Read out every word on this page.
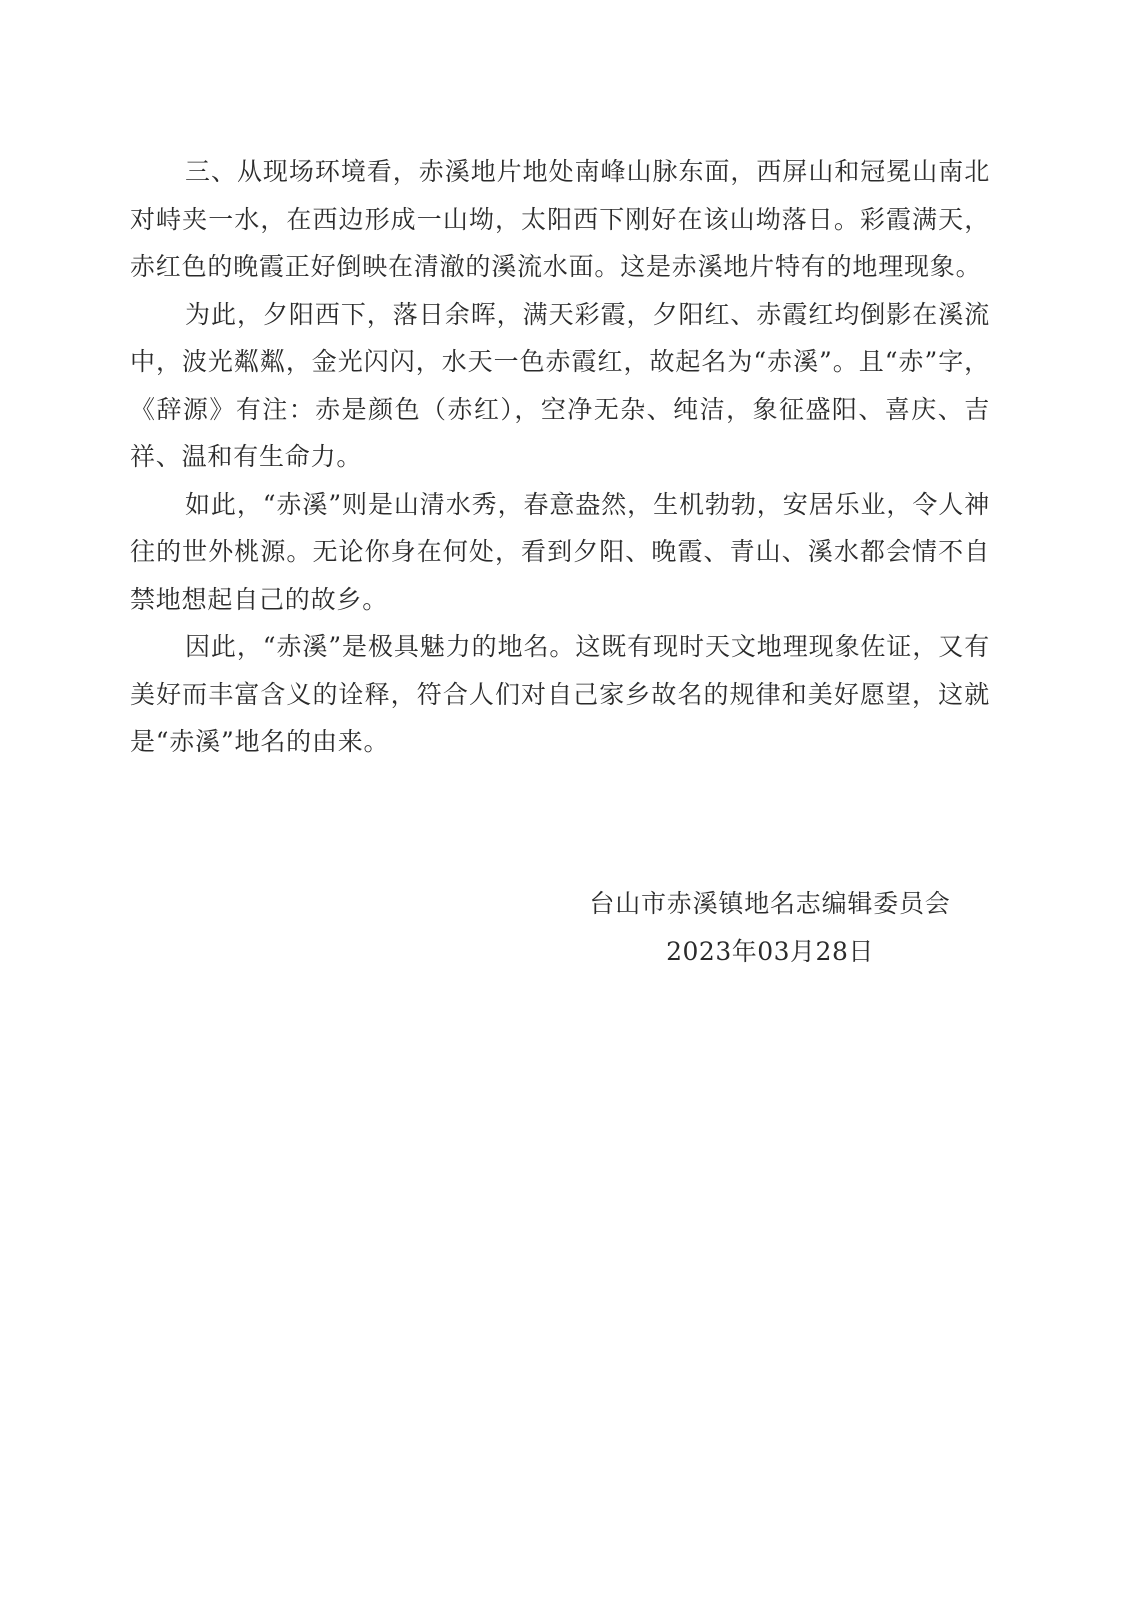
三、从现场环境看，赤溪地片地处南峰山脉东面，西屏山和冠冕山南北对峙夹一水，在西边形成一山坳，太阳西下刚好在该山坳落日。彩霞满天，赤红色的晚霞正好倒映在清澈的溪流水面。这是赤溪地片特有的地理现象。

为此，夕阳西下，落日余晖，满天彩霞，夕阳红、赤霞红均倒影在溪流中，波光粼粼，金光闪闪，水天一色赤霞红，故起名为“赤溪”。且“赤”字，《辞源》有注：赤是颜色（赤红），空净无杂、纯洁，象征盛阳、喜庆、吉祥、温和有生命力。

如此，“赤溪”则是山清水秀，春意盎然，生机勃勃，安居乐业，令人神往的世外桃源。无论你身在何处，看到夕阳、晚霞、青山、溪水都会情不自禁地想起自己的故乡。

因此，“赤溪”是极具魅力的地名。这既有现时天文地理现象佐证，又有美好而丰富含义的诠释，符合人们对自己家乡故名的规律和美好愿望，这就是“赤溪”地名的由来。

台山市赤溪镇地名志编辑委员会
2023年03月28日
